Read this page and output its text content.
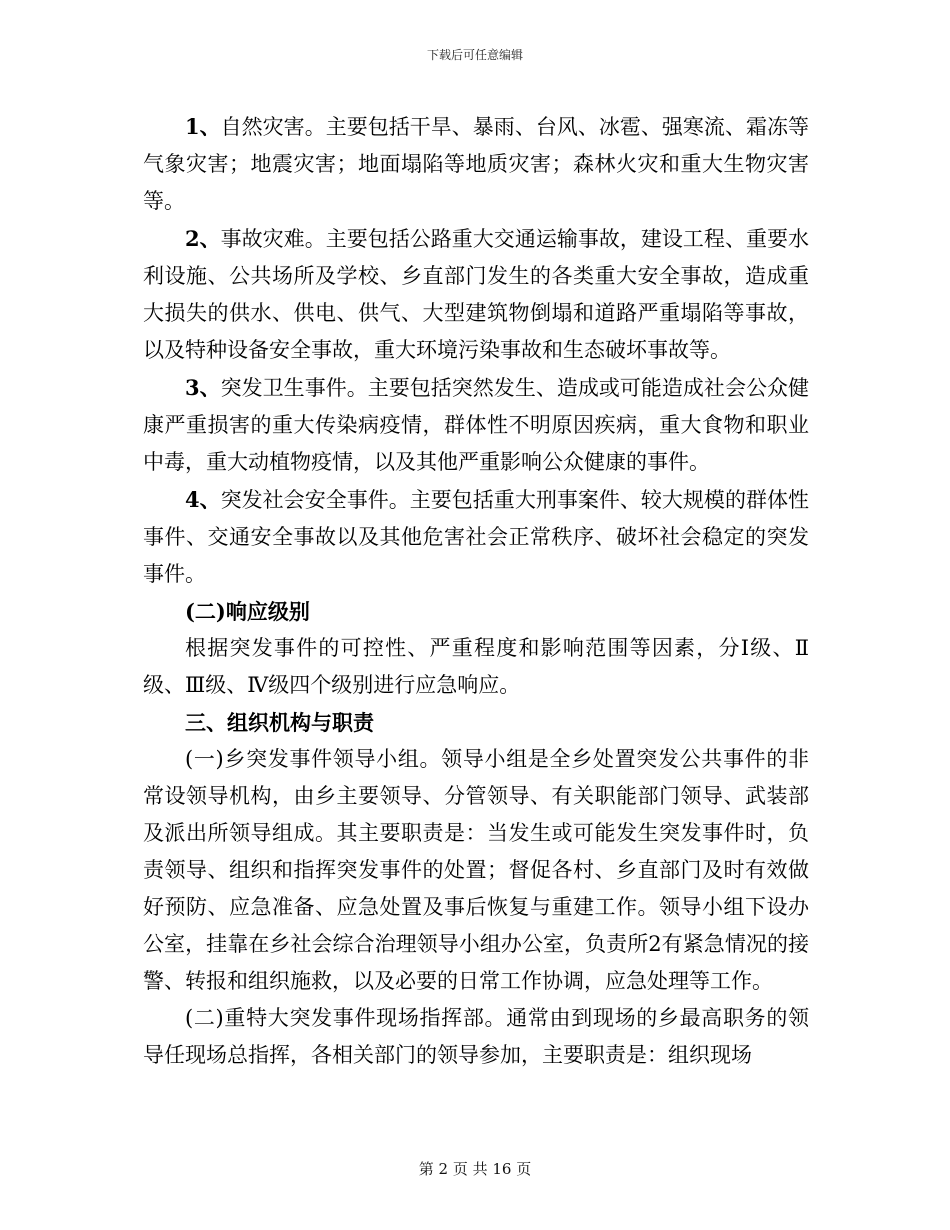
下载后可任意编辑

1、自然灾害。主要包括干旱、暴雨、台风、冰雹、强寒流、霜冻等气象灾害；地震灾害；地面塌陷等地质灾害；森林火灾和重大生物灾害等。

2、事故灾难。主要包括公路重大交通运输事故，建设工程、重要水利设施、公共场所及学校、乡直部门发生的各类重大安全事故，造成重大损失的供水、供电、供气、大型建筑物倒塌和道路严重塌陷等事故，以及特种设备安全事故，重大环境污染事故和生态破坏事故等。

3、突发卫生事件。主要包括突然发生、造成或可能造成社会公众健康严重损害的重大传染病疫情，群体性不明原因疾病，重大食物和职业中毒，重大动植物疫情，以及其他严重影响公众健康的事件。

4、突发社会安全事件。主要包括重大刑事案件、较大规模的群体性事件、交通安全事故以及其他危害社会正常秩序、破坏社会稳定的突发事件。

(二)响应级别

根据突发事件的可控性、严重程度和影响范围等因素，分Ⅰ级、Ⅱ级、Ⅲ级、Ⅳ级四个级别进行应急响应。

三、组织机构与职责

(一)乡突发事件领导小组。领导小组是全乡处置突发公共事件的非常设领导机构，由乡主要领导、分管领导、有关职能部门领导、武装部及派出所领导组成。其主要职责是：当发生或可能发生突发事件时，负责领导、组织和指挥突发事件的处置；督促各村、乡直部门及时有效做好预防、应急准备、应急处置及事后恢复与重建工作。领导小组下设办公室，挂靠在乡社会综合治理领导小组办公室，负责所2有紧急情况的接警、转报和组织施救，以及必要的日常工作协调，应急处理等工作。

(二)重特大突发事件现场指挥部。通常由到现场的乡最高职务的领导任现场总指挥，各相关部门的领导参加，主要职责是：组织现场

第 2 页 共 16 页
